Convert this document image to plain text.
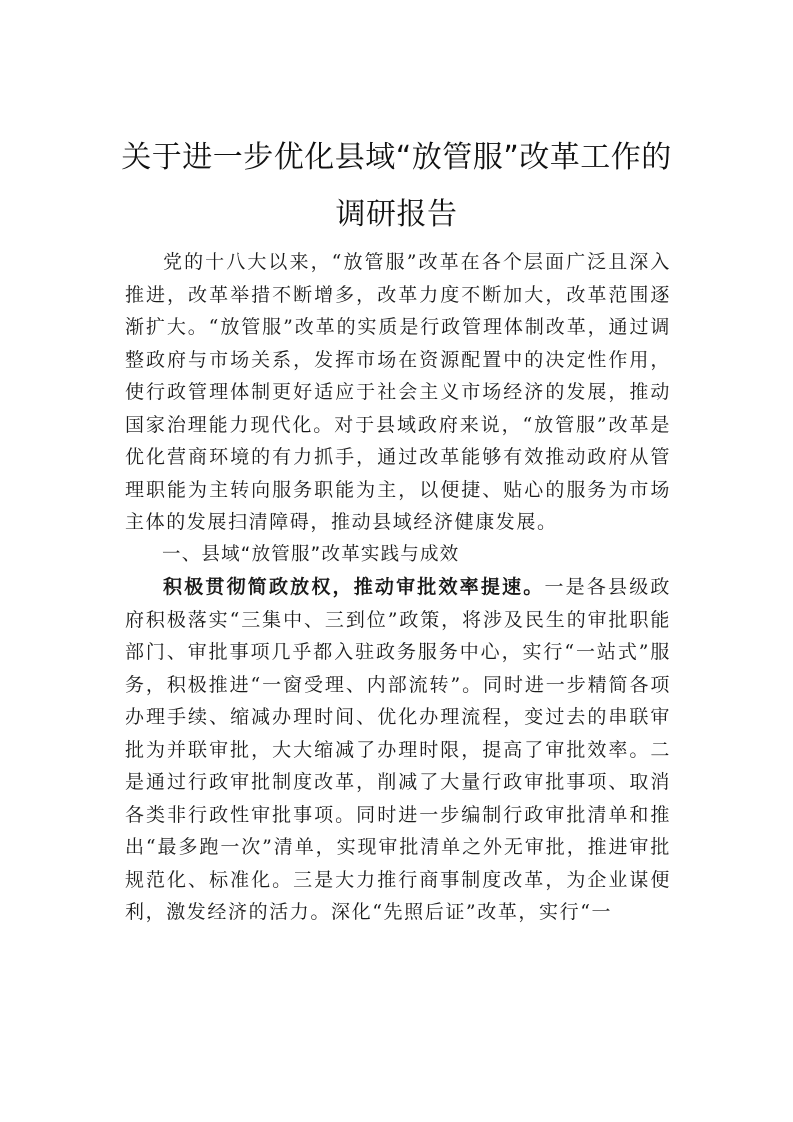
关于进一步优化县域“放管服”改革工作的
调研报告

党的十八大以来，“放管服”改革在各个层面广泛且深入推进，改革举措不断增多，改革力度不断加大，改革范围逐渐扩大。“放管服”改革的实质是行政管理体制改革，通过调整政府与市场关系，发挥市场在资源配置中的决定性作用，使行政管理体制更好适应于社会主义市场经济的发展，推动国家治理能力现代化。对于县域政府来说，“放管服”改革是优化营商环境的有力抓手，通过改革能够有效推动政府从管理职能为主转向服务职能为主，以便捷、贴心的服务为市场主体的发展扫清障碍，推动县域经济健康发展。

一、县域“放管服”改革实践与成效

积极贯彻简政放权，推动审批效率提速。一是各县级政府积极落实“三集中、三到位”政策，将涉及民生的审批职能部门、审批事项几乎都入驻政务服务中心，实行“一站式”服务，积极推进“一窗受理、内部流转”。同时进一步精简各项办理手续、缩减办理时间、优化办理流程，变过去的串联审批为并联审批，大大缩减了办理时限，提高了审批效率。二是通过行政审批制度改革，削减了大量行政审批事项、取消各类非行政性审批事项。同时进一步编制行政审批清单和推出“最多跑一次”清单，实现审批清单之外无审批，推进审批规范化、标准化。三是大力推行商事制度改革，为企业谋便利，激发经济的活力。深化“先照后证”改革，实行“一
